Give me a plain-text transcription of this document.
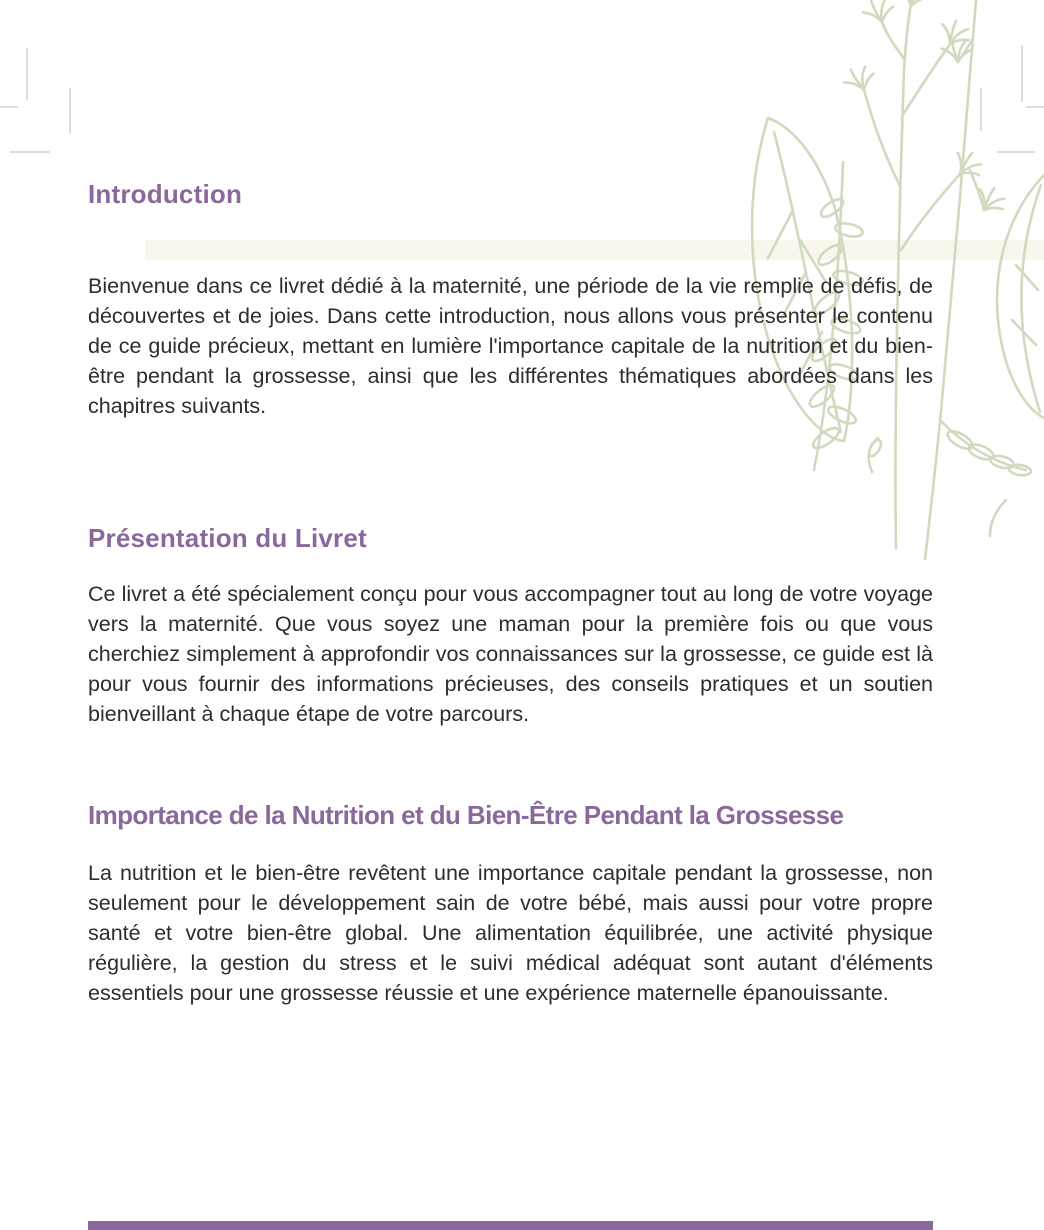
Introduction

Bienvenue dans ce livret dédié à la maternité, une période de la vie remplie de défis, de découvertes et de joies. Dans cette introduction, nous allons vous présenter le contenu de ce guide précieux, mettant en lumière l'importance capitale de la nutrition et du bien-être pendant la grossesse, ainsi que les différentes thématiques abordées dans les chapitres suivants.

Présentation du Livret

Ce livret a été spécialement conçu pour vous accompagner tout au long de votre voyage vers la maternité. Que vous soyez une maman pour la première fois ou que vous cherchiez simplement à approfondir vos connaissances sur la grossesse, ce guide est là pour vous fournir des informations précieuses, des conseils pratiques et un soutien bienveillant à chaque étape de votre parcours.

Importance de la Nutrition et du Bien-Être Pendant la Grossesse

La nutrition et le bien-être revêtent une importance capitale pendant la grossesse, non seulement pour le développement sain de votre bébé, mais aussi pour votre propre santé et votre bien-être global. Une alimentation équilibrée, une activité physique régulière, la gestion du stress et le suivi médical adéquat sont autant d'éléments essentiels pour une grossesse réussie et une expérience maternelle épanouissante.
